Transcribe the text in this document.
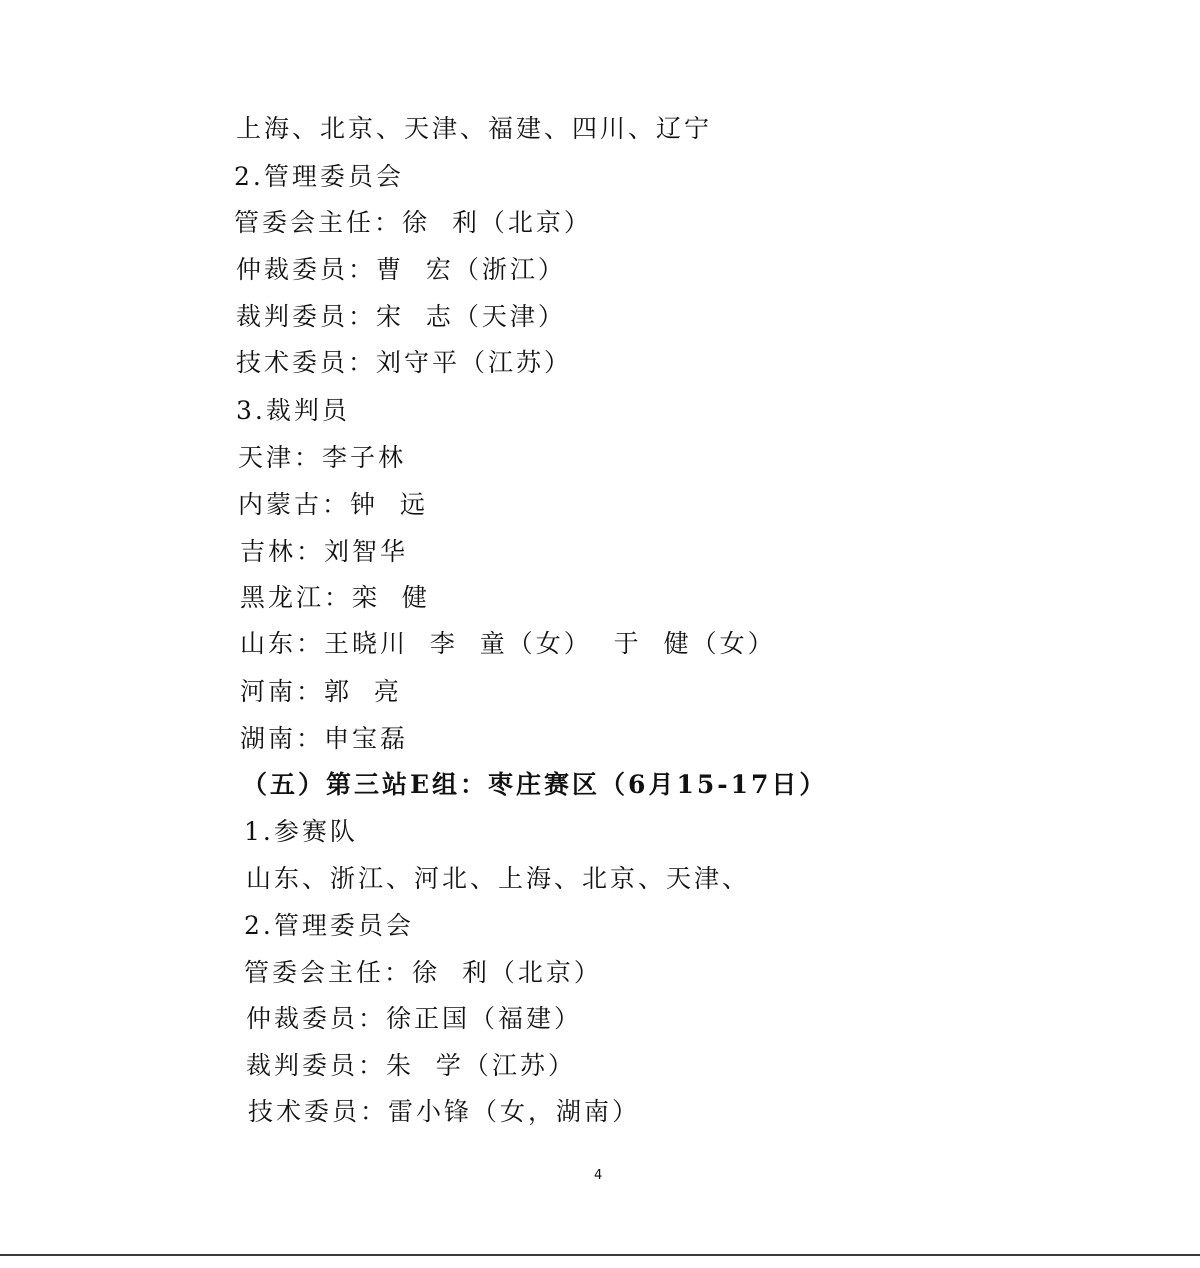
上海、北京、天津、福建、四川、辽宁
2.管理委员会
管委会主任：徐  利（北京）
仲裁委员：曹  宏（浙江）
裁判委员：宋  志（天津）
技术委员：刘守平（江苏）
3.裁判员
天津：李子林
内蒙古：钟  远
吉林：刘智华
黑龙江：栾  健
山东：王晓川  李  童（女）  于  健（女）
河南：郭  亮
湖南：申宝磊
（五）第三站E组：枣庄赛区（6月15-17日）
1.参赛队
山东、浙江、河北、上海、北京、天津、
2.管理委员会
管委会主任：徐  利（北京）
仲裁委员：徐正国（福建）
裁判委员：朱  学（江苏）
技术委员：雷小锋（女，湖南）
4
